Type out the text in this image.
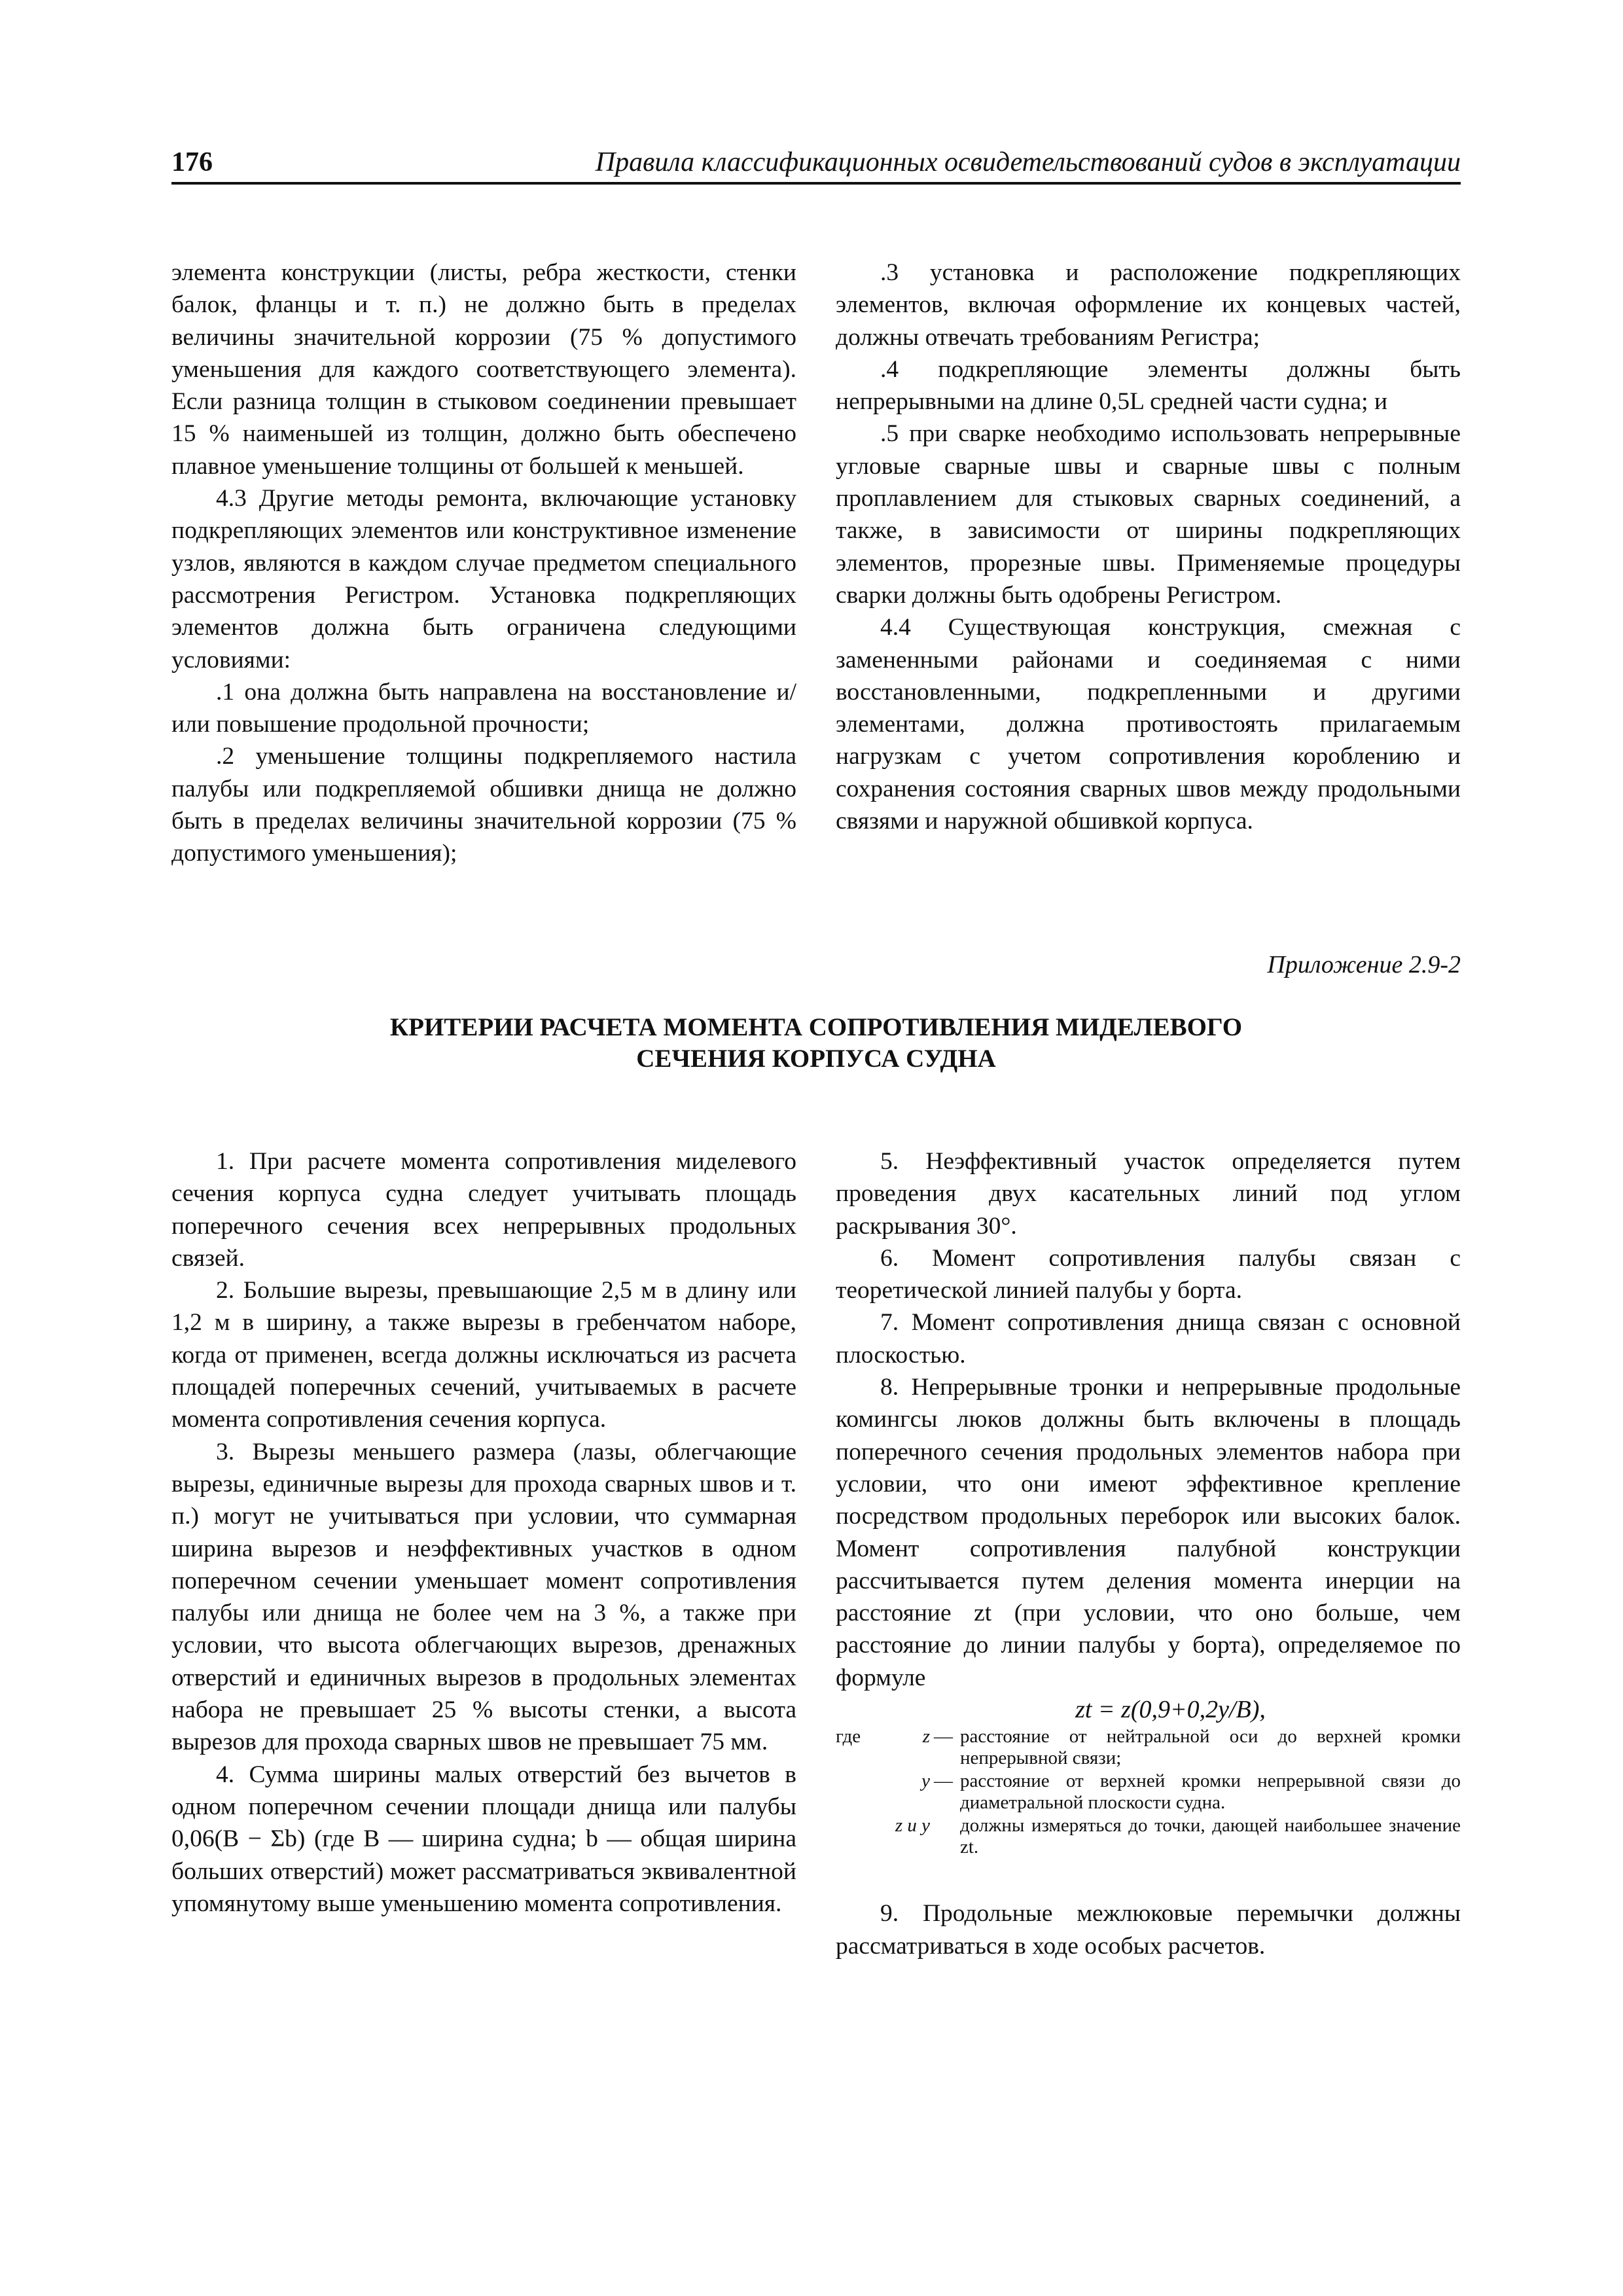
176	Правила классификационных освидетельствований судов в эксплуатации

элемента конструкции (листы, ребра жесткости, стенки балок, фланцы и т. п.) не должно быть в пределах величины значительной коррозии (75 % допустимого уменьшения для каждого соответствующего элемента). Если разница толщин в стыковом соединении превышает 15 % наименьшей из толщин, должно быть обеспечено плавное уменьшение толщины от большей к меньшей.

4.3 Другие методы ремонта, включающие установку подкрепляющих элементов или конструктивное изменение узлов, являются в каждом случае предметом специального рассмотрения Регистром. Установка подкрепляющих элементов должна быть ограничена следующими условиями:

.1 она должна быть направлена на восстановление и/или повышение продольной прочности;

.2 уменьшение толщины подкрепляемого настила палубы или подкрепляемой обшивки днища не должно быть в пределах величины значительной коррозии (75 % допустимого уменьшения);

.3 установка и расположение подкрепляющих элементов, включая оформление их концевых частей, должны отвечать требованиям Регистра;

.4 подкрепляющие элементы должны быть непрерывными на длине 0,5L средней части судна; и

.5 при сварке необходимо использовать непрерывные угловые сварные швы и сварные швы с полным проплавлением для стыковых сварных соединений, а также, в зависимости от ширины подкрепляющих элементов, прорезные швы. Применяемые процедуры сварки должны быть одобрены Регистром.

4.4 Существующая конструкция, смежная с замененными районами и соединяемая с ними восстановленными, подкрепленными и другими элементами, должна противостоять прилагаемым нагрузкам с учетом сопротивления короблению и сохранения состояния сварных швов между продольными связями и наружной обшивкой корпуса.

Приложение 2.9-2
КРИТЕРИИ РАСЧЕТА МОМЕНТА СОПРОТИВЛЕНИЯ МИДЕЛЕВОГО
СЕЧЕНИЯ КОРПУСА СУДНА

1. При расчете момента сопротивления миделевого сечения корпуса судна следует учитывать площадь поперечного сечения всех непрерывных продольных связей.

2. Большие вырезы, превышающие 2,5 м в длину или 1,2 м в ширину, а также вырезы в гребенчатом наборе, когда от применен, всегда должны исключаться из расчета площадей поперечных сечений, учитываемых в расчете момента сопротивления сечения корпуса.

3. Вырезы меньшего размера (лазы, облегчающие вырезы, единичные вырезы для прохода сварных швов и т. п.) могут не учитываться при условии, что суммарная ширина вырезов и неэффективных участков в одном поперечном сечении уменьшает момент сопротивления палубы или днища не более чем на 3 %, а также при условии, что высота облегчающих вырезов, дренажных отверстий и единичных вырезов в продольных элементах набора не превышает 25 % высоты стенки, а высота вырезов для прохода сварных швов не превышает 75 мм.

4. Сумма ширины малых отверстий без вычетов в одном поперечном сечении площади днища или палубы 0,06(B − Σb) (где B — ширина судна; b — общая ширина больших отверстий) может рассматриваться эквивалентной упомянутому выше уменьшению момента сопротивления.

5. Неэффективный участок определяется путем проведения двух касательных линий под углом раскрывания 30°.

6. Момент сопротивления палубы связан с теоретической линией палубы у борта.

7. Момент сопротивления днища связан с основной плоскостью.

8. Непрерывные тронки и непрерывные продольные комингсы люков должны быть включены в площадь поперечного сечения продольных элементов набора при условии, что они имеют эффективное крепление посредством продольных переборок или высоких балок. Момент сопротивления палубной конструкции рассчитывается путем деления момента инерции на расстояние zt (при условии, что оно больше, чем расстояние до линии палубы у борта), определяемое по формуле

zt = z(0,9+0,2y/B),

где	z — расстояние от нейтральной оси до верхней кромки непрерывной связи;
y — расстояние от верхней кромки непрерывной связи до диаметральной плоскости судна.
z и y должны измеряться до точки, дающей наибольшее значение zt.

9. Продольные межлюковые перемычки должны рассматриваться в ходе особых расчетов.
